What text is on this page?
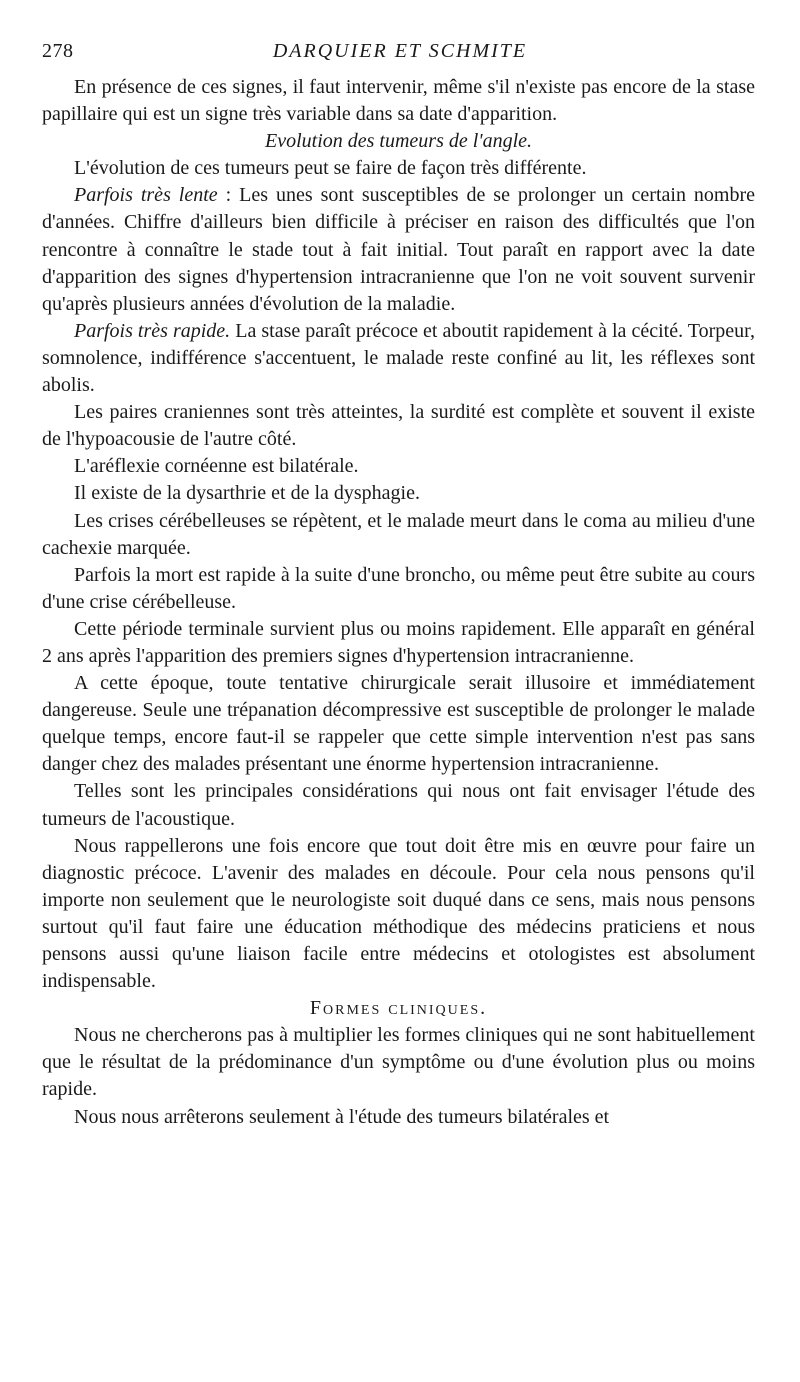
278	DARQUIER ET SCHMITE

En présence de ces signes, il faut intervenir, même s'il n'existe pas encore de la stase papillaire qui est un signe très variable dans sa date d'apparition.

Evolution des tumeurs de l'angle.

L'évolution de ces tumeurs peut se faire de façon très différente.

Parfois très lente : Les unes sont susceptibles de se prolonger un certain nombre d'années. Chiffre d'ailleurs bien difficile à préciser en raison des difficultés que l'on rencontre à connaître le stade tout à fait initial. Tout paraît en rapport avec la date d'apparition des signes d'hypertension intracranienne que l'on ne voit souvent survenir qu'après plusieurs années d'évolution de la maladie.

Parfois très rapide. La stase paraît précoce et aboutit rapidement à la cécité. Torpeur, somnolence, indifférence s'accentuent, le malade reste confiné au lit, les réflexes sont abolis.

Les paires craniennes sont très atteintes, la surdité est complète et souvent il existe de l'hypoacousie de l'autre côté.

L'aréflexie cornéenne est bilatérale.

Il existe de la dysarthrie et de la dysphagie.

Les crises cérébelleuses se répètent, et le malade meurt dans le coma au milieu d'une cachexie marquée.

Parfois la mort est rapide à la suite d'une broncho, ou même peut être subite au cours d'une crise cérébelleuse.

Cette période terminale survient plus ou moins rapidement. Elle apparaît en général 2 ans après l'apparition des premiers signes d'hypertension intracranienne.

A cette époque, toute tentative chirurgicale serait illusoire et immédiatement dangereuse. Seule une trépanation décompressive est susceptible de prolonger le malade quelque temps, encore faut-il se rappeler que cette simple intervention n'est pas sans danger chez des malades présentant une énorme hypertension intracranienne.

Telles sont les principales considérations qui nous ont fait envisager l'étude des tumeurs de l'acoustique.

Nous rappellerons une fois encore que tout doit être mis en œuvre pour faire un diagnostic précoce. L'avenir des malades en découle. Pour cela nous pensons qu'il importe non seulement que le neurologiste soit duqué dans ce sens, mais nous pensons surtout qu'il faut faire une éducation méthodique des médecins praticiens et nous pensons aussi qu'une liaison facile entre médecins et otologistes est absolument indispensable.

Formes cliniques.

Nous ne chercherons pas à multiplier les formes cliniques qui ne sont habituellement que le résultat de la prédominance d'un symptôme ou d'une évolution plus ou moins rapide.

Nous nous arrêterons seulement à l'étude des tumeurs bilatérales et
